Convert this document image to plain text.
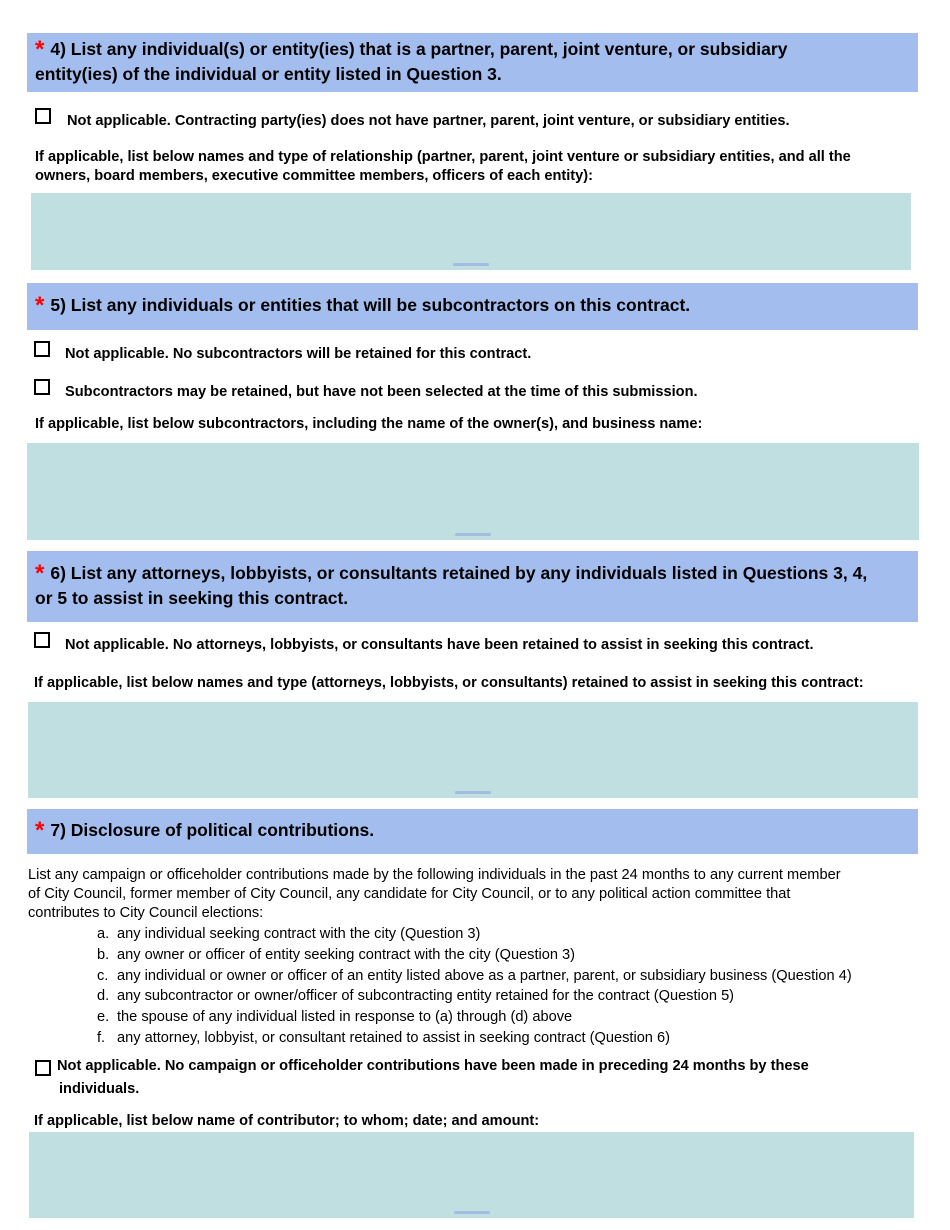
* 4) List any individual(s) or entity(ies) that is a partner, parent, joint venture, or subsidiary
entity(ies) of the individual or entity listed in Question 3.
Not applicable. Contracting party(ies) does not have partner, parent, joint venture, or subsidiary entities.
If applicable, list below names and type of relationship (partner, parent, joint venture or subsidiary entities, and all the
owners, board members, executive committee members, officers of each entity):
* 5) List any individuals or entities that will be subcontractors on this contract.
Not applicable. No subcontractors will be retained for this contract.
Subcontractors may be retained, but have not been selected at the time of this submission.
If applicable, list below subcontractors, including the name of the owner(s), and business name:
* 6) List any attorneys, lobbyists, or consultants retained by any individuals listed in Questions 3, 4,
or 5 to assist in seeking this contract.
Not applicable. No attorneys, lobbyists, or consultants have been retained to assist in seeking this contract.
If applicable, list below names and type (attorneys, lobbyists, or consultants) retained to assist in seeking this contract:
* 7) Disclosure of political contributions.
List any campaign or officeholder contributions made by the following individuals in the past 24 months to any current member
of City Council, former member of City Council, any candidate for City Council, or to any political action committee that
contributes to City Council elections:
a. any individual seeking contract with the city (Question 3)
b. any owner or officer of entity seeking contract with the city (Question 3)
c. any individual or owner or officer of an entity listed above as a partner, parent, or subsidiary business (Question 4)
d. any subcontractor or owner/officer of subcontracting entity retained for the contract (Question 5)
e. the spouse of any individual listed in response to (a) through (d) above
f. any attorney, lobbyist, or consultant retained to assist in seeking contract (Question 6)
Not applicable. No campaign or officeholder contributions have been made in preceding 24 months by these
individuals.
If applicable, list below name of contributor; to whom; date; and amount:
